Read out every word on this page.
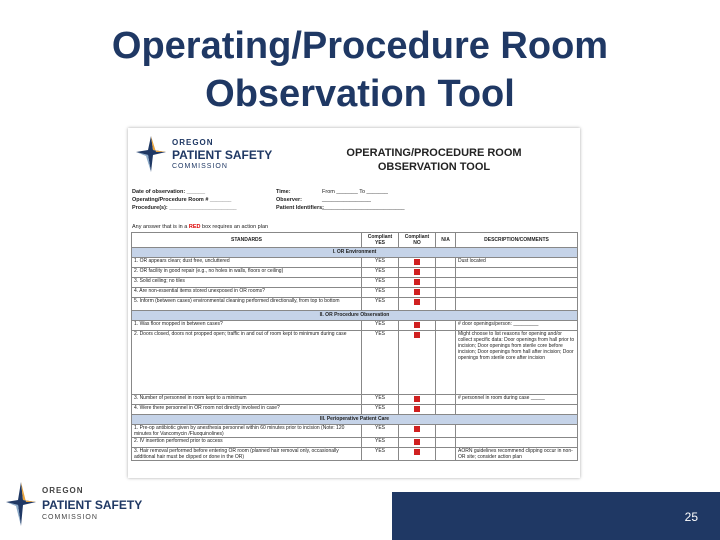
Operating/Procedure Room
Observation Tool
OREGON
PATIENT SAFETY
COMMISSION
OPERATING/PROCEDURE ROOM
OBSERVATION TOOL
Date of observation: ______	Time:	From _______ To _______
Operating/Procedure Room # _______	Observer:	________________
Procedure(s): ______________________	Patient Identifiers:
___________________________
Any answer that is in a RED box requires an action plan
STANDARDS	Compliant YES	Compliant NO	N/A	DESCRIPTION/COMMENTS
I. OR Environment				
1. OR appears clean; dust free, uncluttered	YES			Dust located
2. OR facility in good repair (e.g., no holes in walls, floors or ceiling)	YES			
3. Solid ceiling; no tiles	YES			
4. Are non-essential items stored unexposed in OR rooms?	YES			
5. Inform (between cases) environmental cleaning performed directionally, from top to bottom	YES			
II. OR Procedure Observation				
1. Was floor mopped in between cases?	YES			# door openings/person: _________
2. Doors closed, doors not propped open; traffic in and out of room kept to minimum during case	YES			Might choose to list reasons for opening and/or collect specific data: Door openings from hall prior to incision; Door openings from sterile core before incision; Door openings from hall after incision; Door openings from sterile core after incision
3. Number of personnel in room kept to a minimum	YES			# personnel in room during case _____
4. Were there personnel in OR room not directly involved in case?	YES			
III. Perioperative Patient Care				
1. Pre-op antibiotic given by anesthesia personnel within 60 minutes prior to incision (Note: 120 minutes for Vancomycin /Fluoquinolines)	YES			
2. IV insertion performed prior to access	YES			
3. Hair removal performed before entering OR room (planned hair removal only, occasionally additional hair must be clipped or done in the OR)	YES			AORN guidelines recommend clipping occur in non-OR site; consider action plan
OREGON
PATIENT SAFETY
COMMISSION	25
